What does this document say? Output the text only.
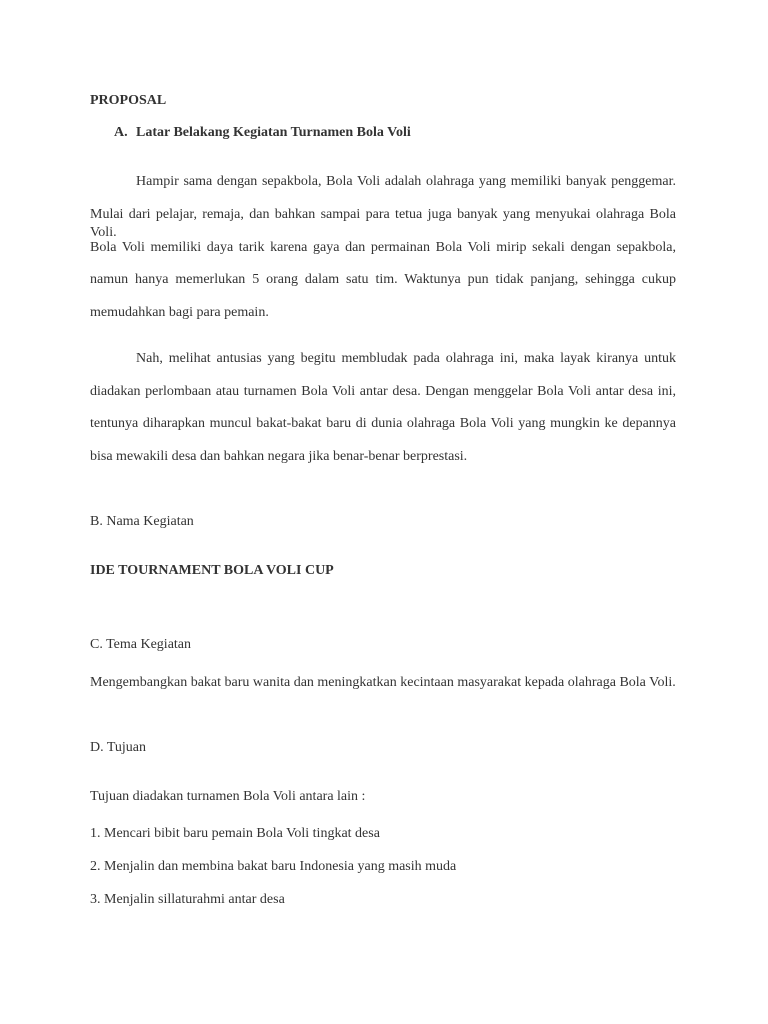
PROPOSAL
A. Latar Belakang Kegiatan Turnamen Bola Voli
Hampir sama dengan sepakbola, Bola Voli adalah olahraga yang memiliki banyak penggemar.
Mulai dari pelajar, remaja, dan bahkan sampai para tetua juga banyak yang menyukai olahraga Bola Voli.
Bola Voli memiliki daya tarik karena gaya dan permainan Bola Voli mirip sekali dengan sepakbola,
namun hanya memerlukan 5 orang dalam satu tim. Waktunya pun tidak panjang, sehingga cukup
memudahkan bagi para pemain.
Nah, melihat antusias yang begitu membludak pada olahraga ini, maka layak kiranya untuk
diadakan perlombaan atau turnamen Bola Voli antar desa. Dengan menggelar Bola Voli antar desa ini,
tentunya diharapkan muncul bakat-bakat baru di dunia olahraga Bola Voli yang mungkin ke depannya
bisa mewakili desa dan bahkan negara jika benar-benar berprestasi.
B. Nama Kegiatan
IDE TOURNAMENT BOLA VOLI CUP
C. Tema Kegiatan
Mengembangkan bakat baru wanita dan meningkatkan kecintaan masyarakat kepada olahraga Bola Voli.
D. Tujuan
Tujuan diadakan turnamen Bola Voli antara lain :
1. Mencari bibit baru pemain Bola Voli tingkat desa
2. Menjalin dan membina bakat baru Indonesia yang masih muda
3. Menjalin sillaturahmi antar desa
